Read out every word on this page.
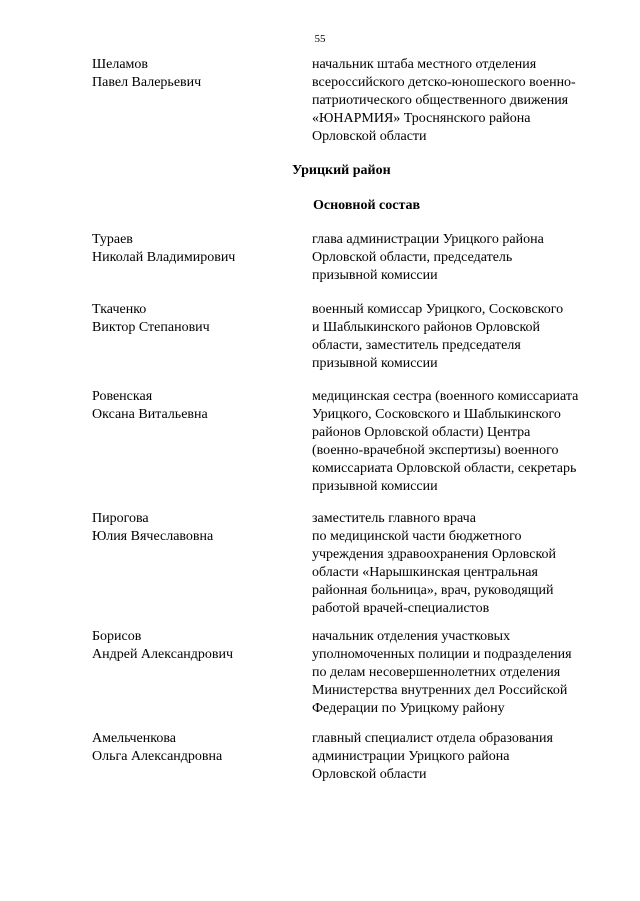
55
Шеламов
Павел Валерьевич
начальник штаба местного отделения
всероссийского детско-юношеского военно-
патриотического общественного движения
«ЮНАРМИЯ» Троснянского района
Орловской области
Урицкий район
Основной состав
Тураев
Николай Владимирович
глава администрации Урицкого района
Орловской области, председатель
призывной комиссии
Ткаченко
Виктор Степанович
военный комиссар Урицкого, Сосковского
и Шаблыкинского районов Орловской
области, заместитель председателя
призывной комиссии
Ровенская
Оксана Витальевна
медицинская сестра (военного комиссариата
Урицкого, Сосковского и Шаблыкинского
районов Орловской области) Центра
(военно-врачебной экспертизы) военного
комиссариата Орловской области, секретарь
призывной комиссии
Пирогова
Юлия Вячеславовна
заместитель главного врача
по медицинской части бюджетного
учреждения здравоохранения Орловской
области «Нарышкинская центральная
районная больница», врач, руководящий
работой врачей-специалистов
Борисов
Андрей Александрович
начальник отделения участковых
уполномоченных полиции и подразделения
по делам несовершеннолетних отделения
Министерства внутренних дел Российской
Федерации по Урицкому району
Амельченкова
Ольга Александровна
главный специалист отдела образования
администрации Урицкого района
Орловской области
